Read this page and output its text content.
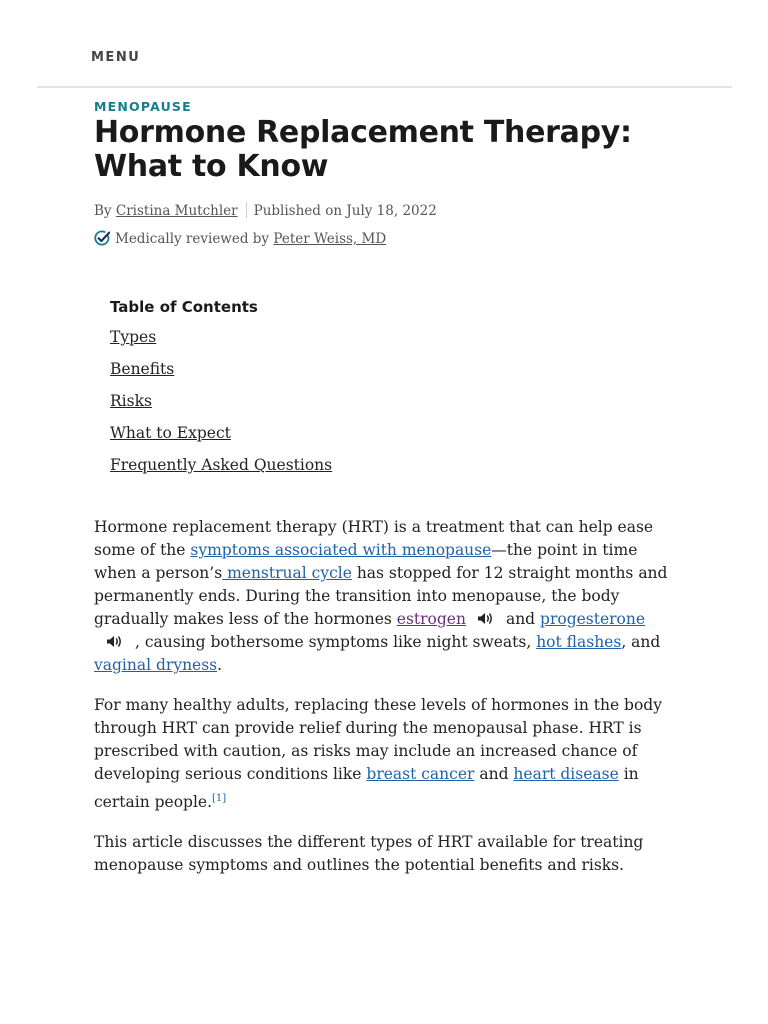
MENU
MENOPAUSE
Hormone Replacement Therapy: What to Know
By Cristina Mutchler Published on July 18, 2022
Medically reviewed by Peter Weiss, MD
Table of Contents
Types
Benefits
Risks
What to Expect
Frequently Asked Questions

Hormone replacement therapy (HRT) is a treatment that can help ease some of the symptoms associated with menopause—the point in time when a person’s menstrual cycle has stopped for 12 straight months and permanently ends. During the transition into menopause, the body gradually makes less of the hormones estrogen	and progesterone, causing bothersome symptoms like night sweats, hot flashes, and vaginal dryness.

For many healthy adults, replacing these levels of hormones in the body through HRT can provide relief during the menopausal phase. HRT is prescribed with caution, as risks may include an increased chance of developing serious conditions like breast cancer and heart disease in certain people.[1]

This article discusses the different types of HRT available for treating menopause symptoms and outlines the potential benefits and risks.
